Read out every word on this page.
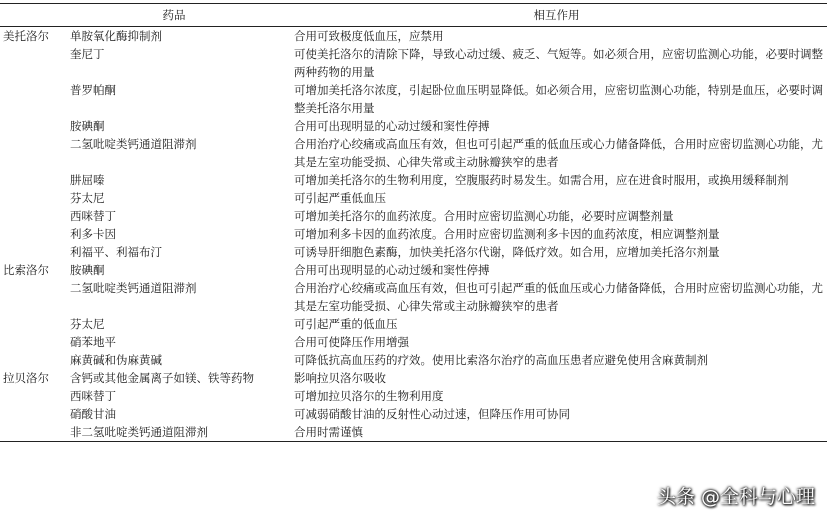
	药品	相互作用
美托洛尔	单胺氧化酶抑制剂	合用可致极度低血压，应禁用
	奎尼丁	可使美托洛尔的清除下降，导致心动过缓、疲乏、气短等。如必须合用，应密切监测心功能，必要时调整两种药物的用量
	普罗帕酮	可增加美托洛尔浓度，引起卧位血压明显降低。如必须合用，应密切监测心功能，特别是血压，必要时调整美托洛尔用量
	胺碘酮	合用可出现明显的心动过缓和窦性停搏
	二氢吡啶类钙通道阻滞剂	合用治疗心绞痛或高血压有效，但也可引起严重的低血压或心力储备降低，合用时应密切监测心功能，尤其是左室功能受损、心律失常或主动脉瓣狭窄的患者
	肼屈嗪	可增加美托洛尔的生物利用度，空腹服药时易发生。如需合用，应在进食时服用，或换用缓释制剂
	芬太尼	可引起严重低血压
	西咪替丁	可增加美托洛尔的血药浓度。合用时应密切监测心功能，必要时应调整剂量
	利多卡因	可增加利多卡因的血药浓度。合用时应密切监测利多卡因的血药浓度，相应调整剂量
	利福平、利福布汀	可诱导肝细胞色素酶，加快美托洛尔代谢，降低疗效。如合用，应增加美托洛尔剂量
比索洛尔	胺碘酮	合用可出现明显的心动过缓和窦性停搏
	二氢吡啶类钙通道阻滞剂	合用治疗心绞痛或高血压有效，但也可引起严重的低血压或心力储备降低，合用时应密切监测心功能，尤其是左室功能受损、心律失常或主动脉瓣狭窄的患者
	芬太尼	可引起严重的低血压
	硝苯地平	合用可使降压作用增强
	麻黄碱和伪麻黄碱	可降低抗高血压药的疗效。使用比索洛尔治疗的高血压患者应避免使用含麻黄制剂
拉贝洛尔	含钙或其他金属离子如镁、铁等药物	影响拉贝洛尔吸收
	西咪替丁	可增加拉贝洛尔的生物利用度
	硝酸甘油	可减弱硝酸甘油的反射性心动过速，但降压作用可协同
	非二氢吡啶类钙通道阻滞剂	合用时需谨慎
头条 @全科与心理
